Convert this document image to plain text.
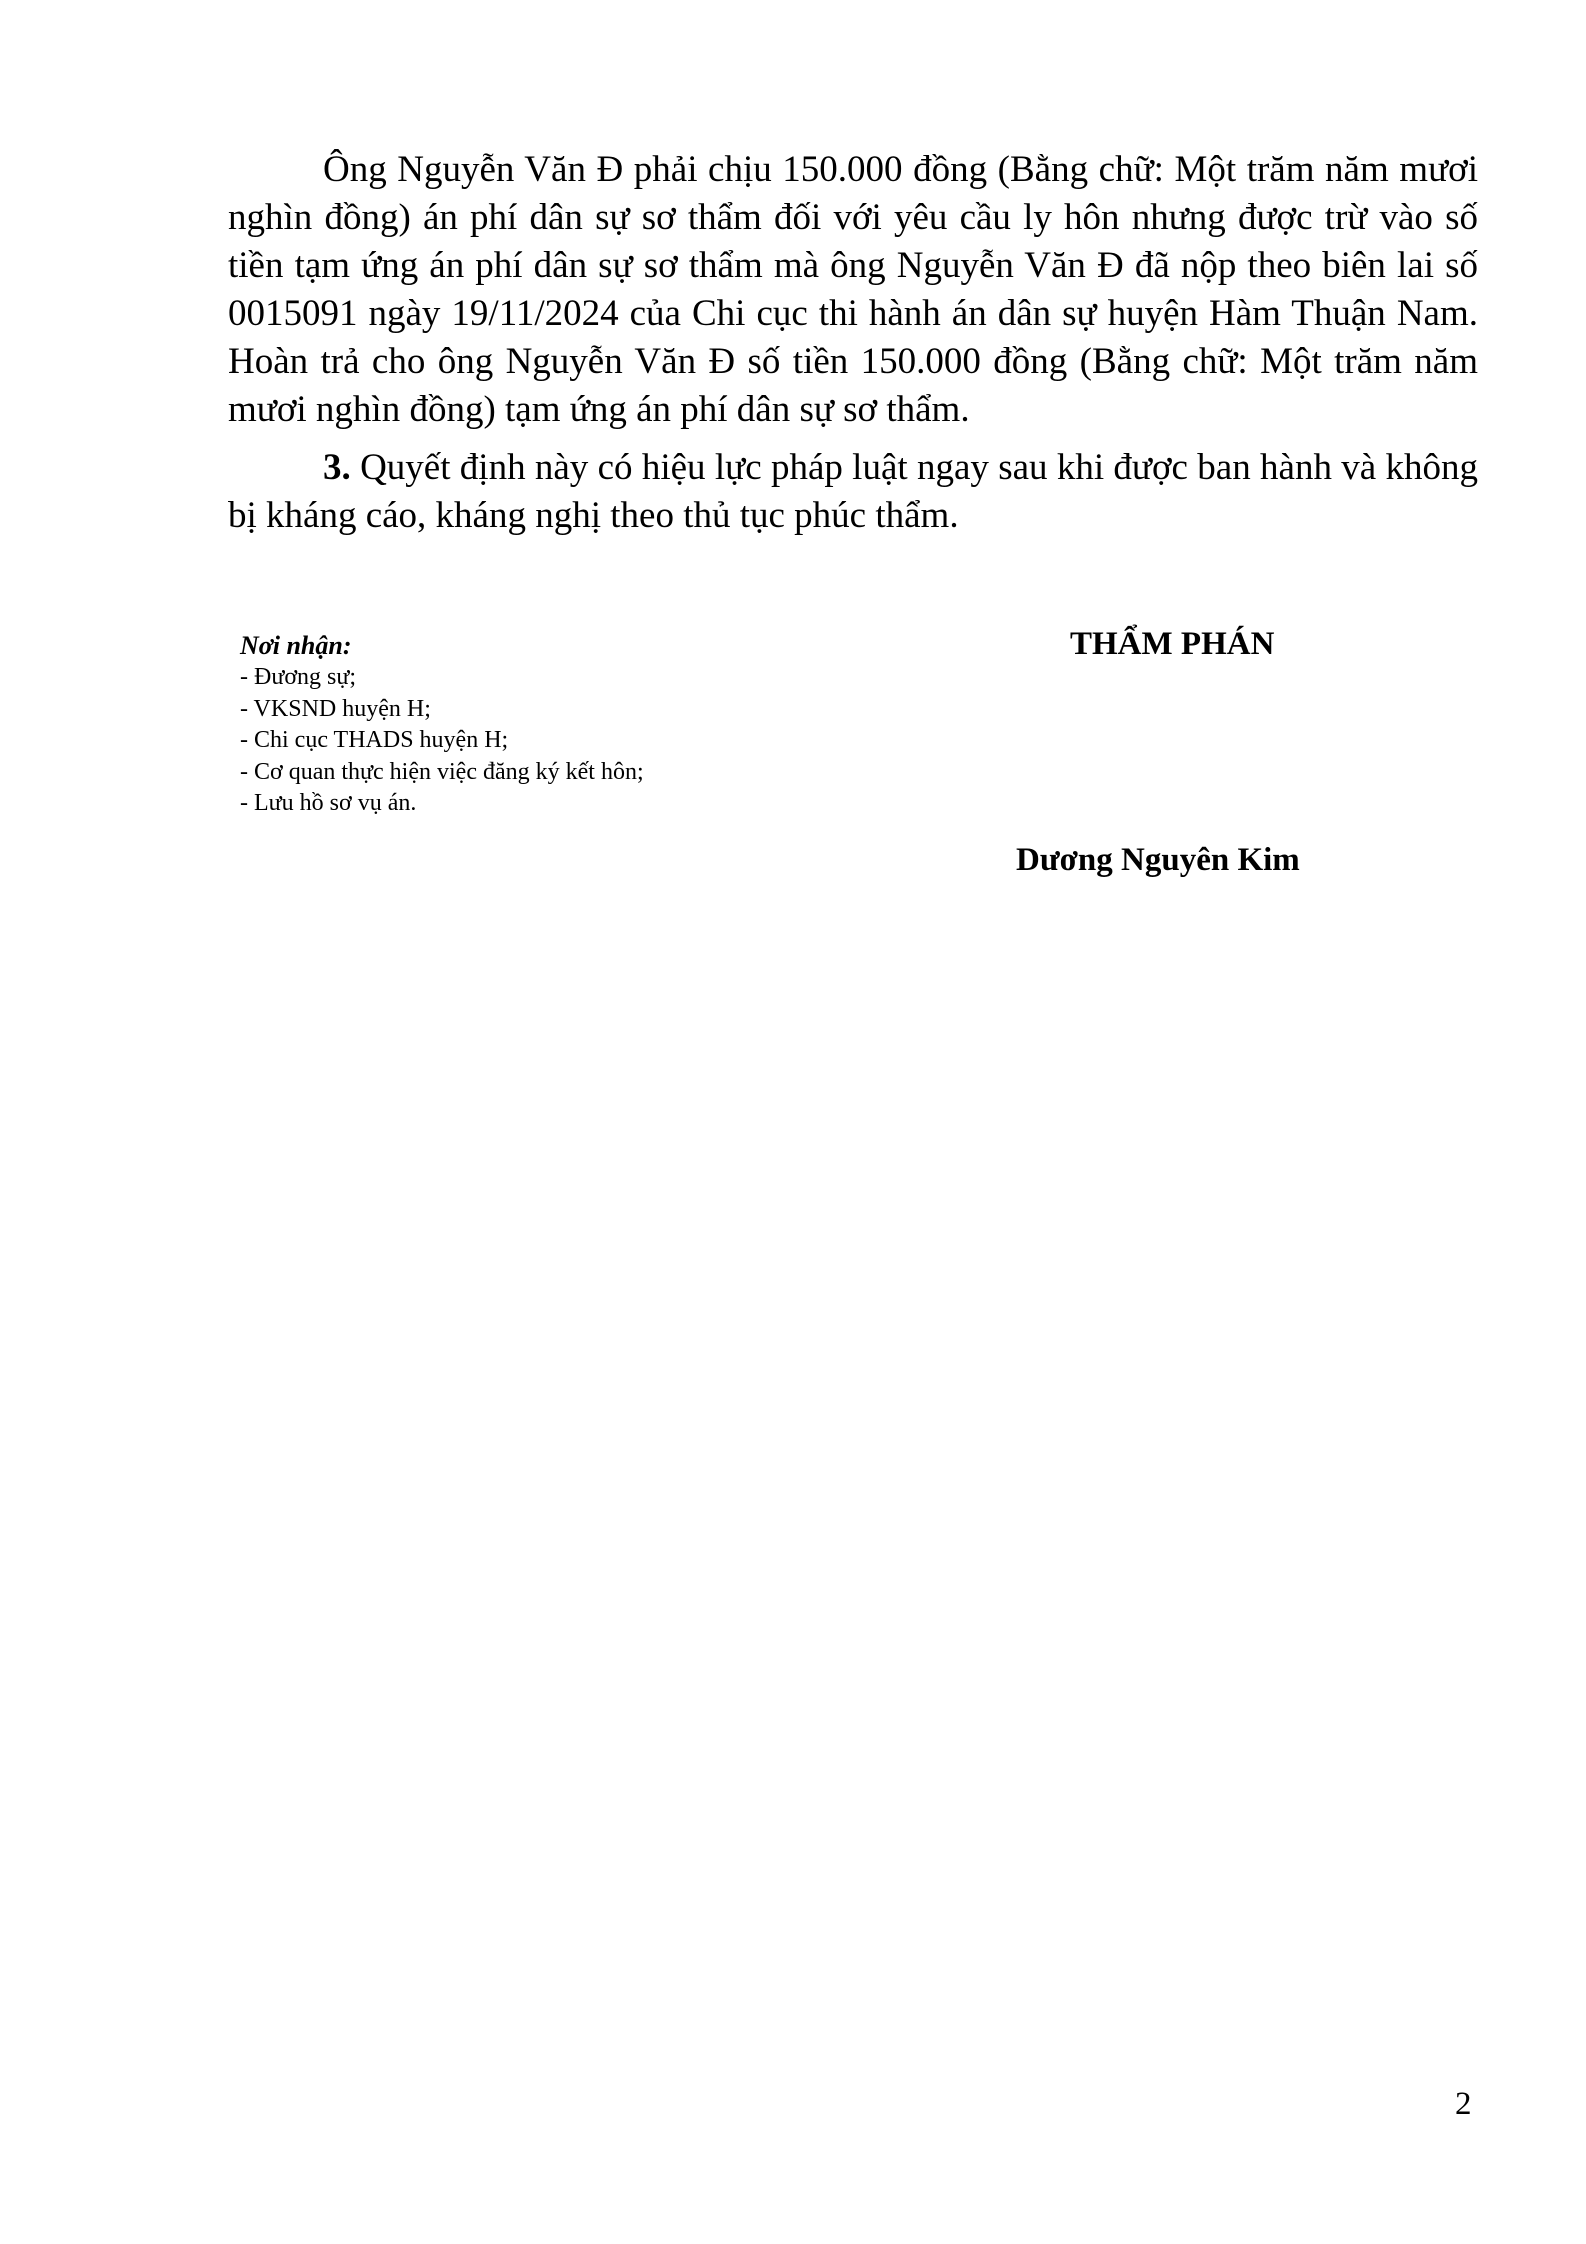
Ông Nguyễn Văn Đ phải chịu 150.000 đồng (Bằng chữ: Một trăm năm mươi nghìn đồng) án phí dân sự sơ thẩm đối với yêu cầu ly hôn nhưng được trừ vào số tiền tạm ứng án phí dân sự sơ thẩm mà ông Nguyễn Văn Đ đã nộp theo biên lai số 0015091 ngày 19/11/2024 của Chi cục thi hành án dân sự huyện Hàm Thuận Nam. Hoàn trả cho ông Nguyễn Văn Đ số tiền 150.000 đồng (Bằng chữ: Một trăm năm mươi nghìn đồng) tạm ứng án phí dân sự sơ thẩm.

3. Quyết định này có hiệu lực pháp luật ngay sau khi được ban hành và không bị kháng cáo, kháng nghị theo thủ tục phúc thẩm.

Nơi nhận:
- Đương sự;
- VKSND huyện H;
- Chi cục THADS huyện H;
- Cơ quan thực hiện việc đăng ký kết hôn;
- Lưu hồ sơ vụ án.
THẨM PHÁN
Dương Nguyên Kim
2
